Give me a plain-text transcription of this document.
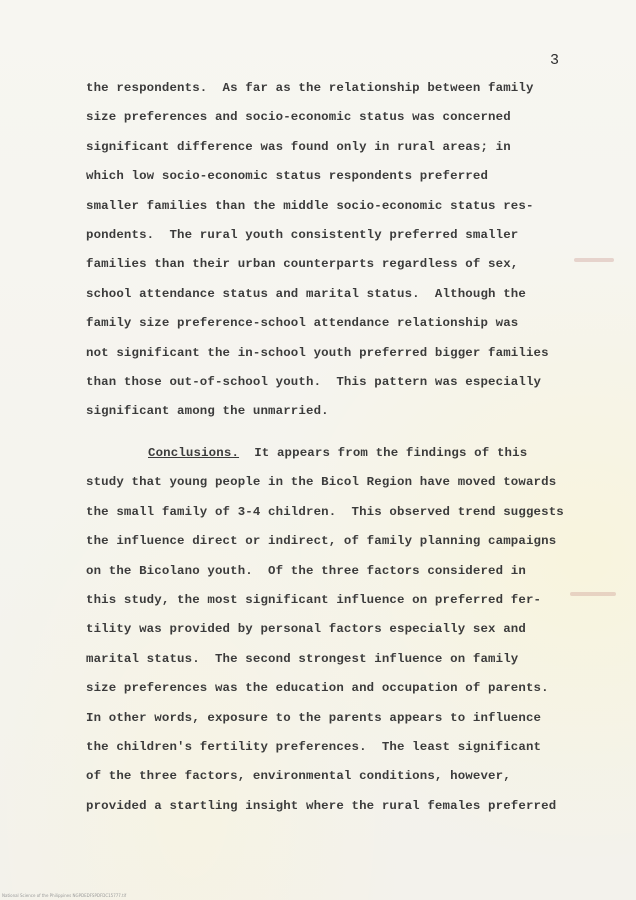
3
the respondents.  As far as the relationship between family
size preferences and socio-economic status was concerned
significant difference was found only in rural areas; in
which low socio-economic status respondents preferred
smaller families than the middle socio-economic status res-
pondents.  The rural youth consistently preferred smaller
families than their urban counterparts regardless of sex,
school attendance status and marital status.  Although the
family size preference-school attendance relationship was
not significant the in-school youth preferred bigger families
than those out-of-school youth.  This pattern was especially
significant among the unmarried.
Conclusions.  It appears from the findings of this
study that young people in the Bicol Region have moved towards
the small family of 3-4 children.  This observed trend suggests
the influence direct or indirect, of family planning campaigns
on the Bicolano youth.  Of the three factors considered in
this study, the most significant influence on preferred fer-
tility was provided by personal factors especially sex and
marital status.  The second strongest influence on family
size preferences was the education and occupation of parents.
In other words, exposure to the parents appears to influence
the children's fertility preferences.  The least significant
of the three factors, environmental conditions, however,
provided a startling insight where the rural females preferred
National Science of the Philippines NGPDEDFSPDFDC15777.tif
